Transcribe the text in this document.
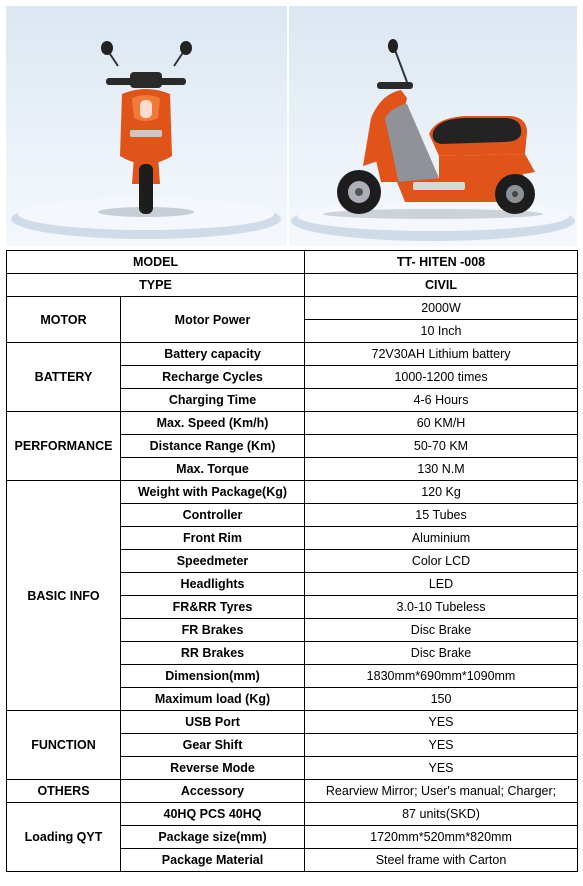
MODEL		TT- HITEN -008
TYPE		CIVIL
MOTOR	Motor Power	2000W
		10 Inch
BATTERY	Battery capacity	72V30AH Lithium battery
	Recharge Cycles	1000-1200 times
	Charging Time	4-6 Hours
PERFORMANCE	Max. Speed (Km/h)	60 KM/H
	Distance Range (Km)	50-70 KM
	Max. Torque	130 N.M
BASIC INFO	Weight with Package(Kg)	120 Kg
	Controller	15 Tubes
	Front Rim	Aluminium
	Speedmeter	Color LCD
	Headlights	LED
	FR&RR Tyres	3.0-10 Tubeless
	FR Brakes	Disc Brake
	RR Brakes	Disc Brake
	Dimension(mm)	1830mm*690mm*1090mm
	Maximum load (Kg)	150
FUNCTION	USB Port	YES
	Gear Shift	YES
	Reverse Mode	YES
OTHERS	Accessory	Rearview Mirror; User's manual; Charger;
Loading QYT	40HQ PCS 40HQ	87 units(SKD)
	Package size(mm)	1720mm*520mm*820mm
	Package Material	Steel frame with Carton
